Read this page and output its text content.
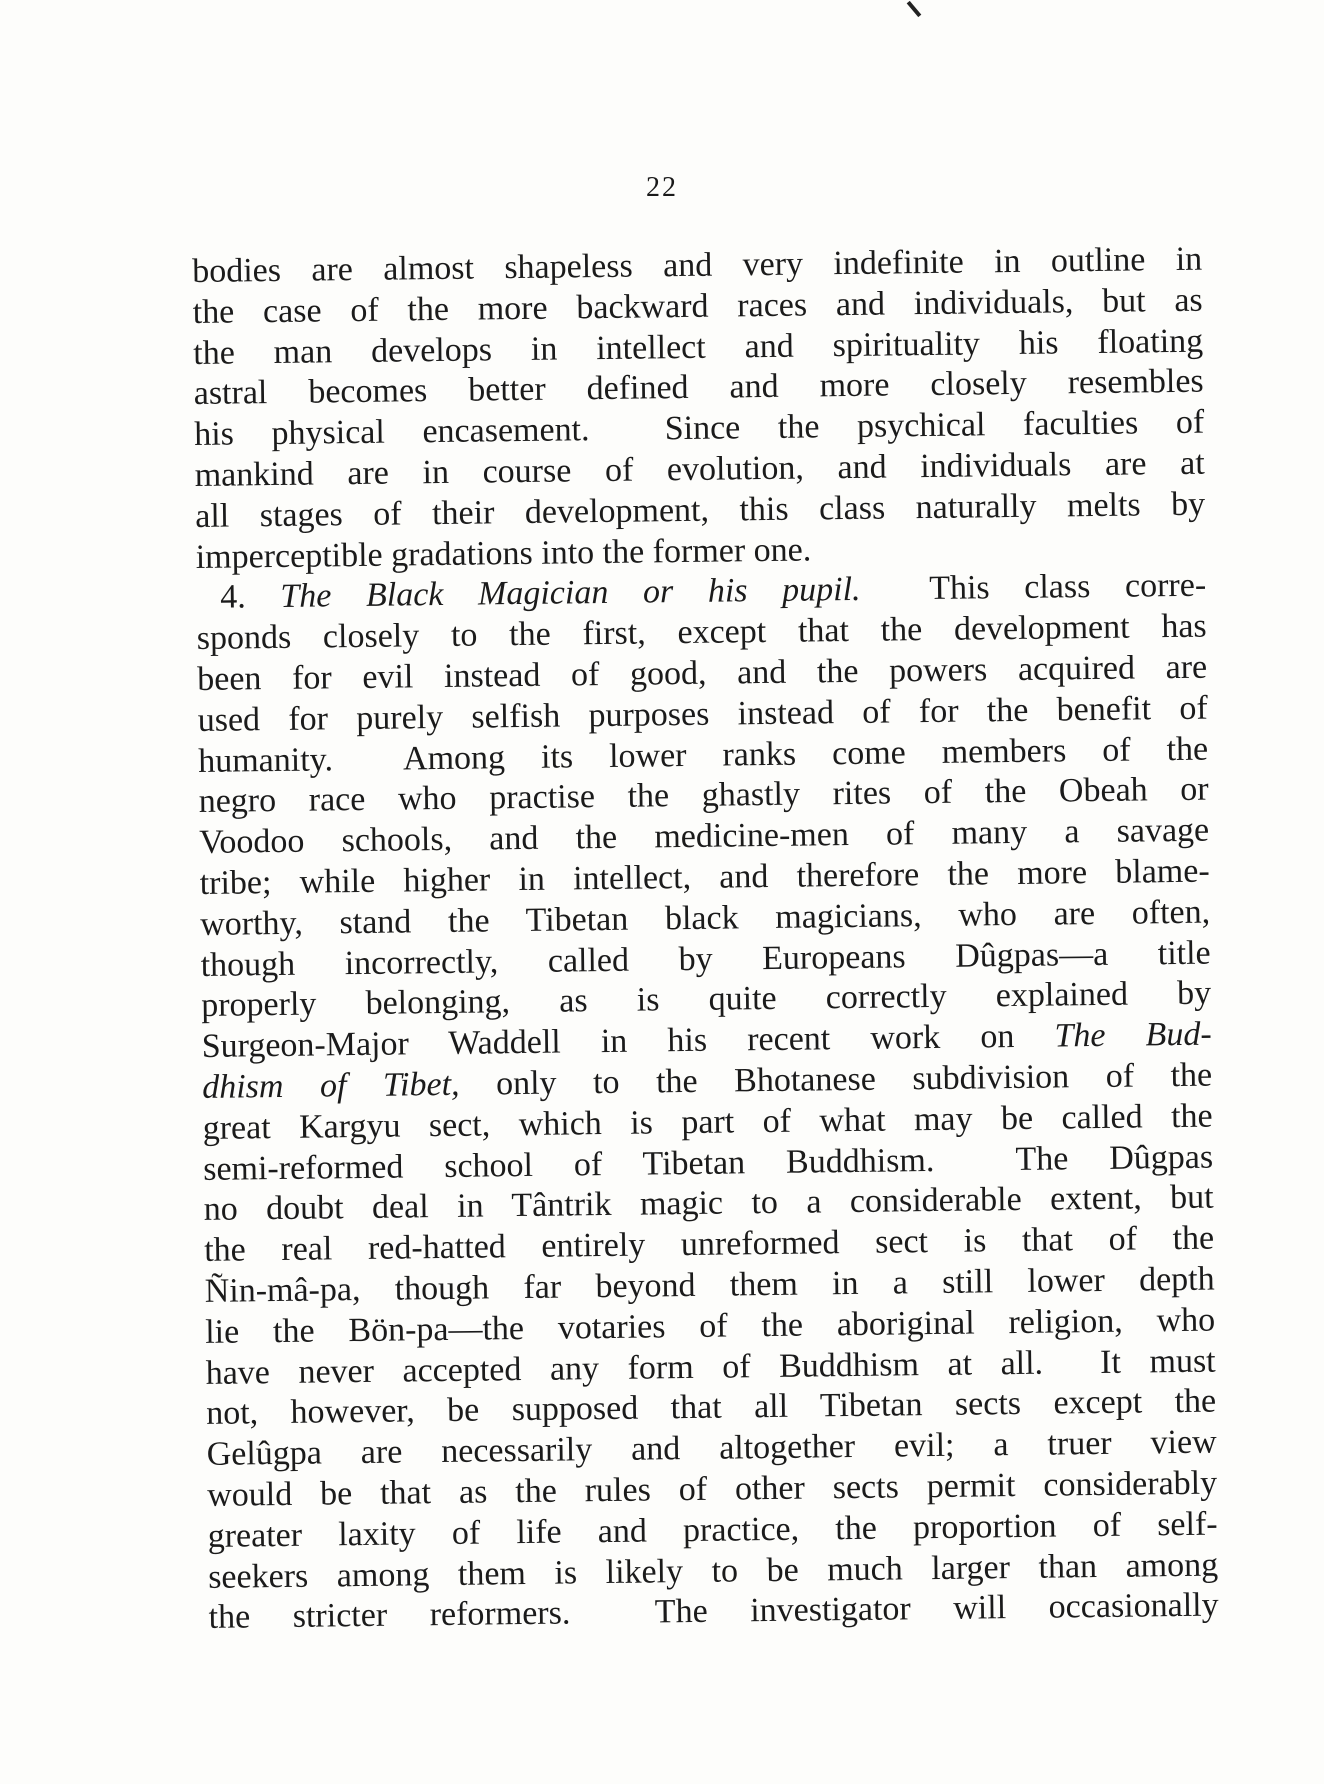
22
bodies are almost shapeless and very indefinite in outline in
the case of the more backward races and individuals, but as
the man develops in intellect and spirituality his floating
astral becomes better defined and more closely resembles
his physical encasement.  Since the psychical faculties of
mankind are in course of evolution, and individuals are at
all stages of their development, this class naturally melts by
imperceptible gradations into the former one.
4. The Black Magician or his pupil.  This class corre-
sponds closely to the first, except that the development has
been for evil instead of good, and the powers acquired are
used for purely selfish purposes instead of for the benefit of
humanity.  Among its lower ranks come members of the
negro race who practise the ghastly rites of the Obeah or
Voodoo schools, and the medicine-men of many a savage
tribe; while higher in intellect, and therefore the more blame-
worthy, stand the Tibetan black magicians, who are often,
though incorrectly, called by Europeans Dûgpas—a title
properly belonging, as is quite correctly explained by
Surgeon-Major Waddell in his recent work on The Bud-
dhism of Tibet, only to the Bhotanese subdivision of the
great Kargyu sect, which is part of what may be called the
semi-reformed school of Tibetan Buddhism.  The Dûgpas
no doubt deal in Tântrik magic to a considerable extent, but
the real red-hatted entirely unreformed sect is that of the
Ñin-mâ-pa, though far beyond them in a still lower depth
lie the Bön-pa—the votaries of the aboriginal religion, who
have never accepted any form of Buddhism at all.  It must
not, however, be supposed that all Tibetan sects except the
Gelûgpa are necessarily and altogether evil; a truer view
would be that as the rules of other sects permit considerably
greater laxity of life and practice, the proportion of self-
seekers among them is likely to be much larger than among
the stricter reformers.  The investigator will occasionally
